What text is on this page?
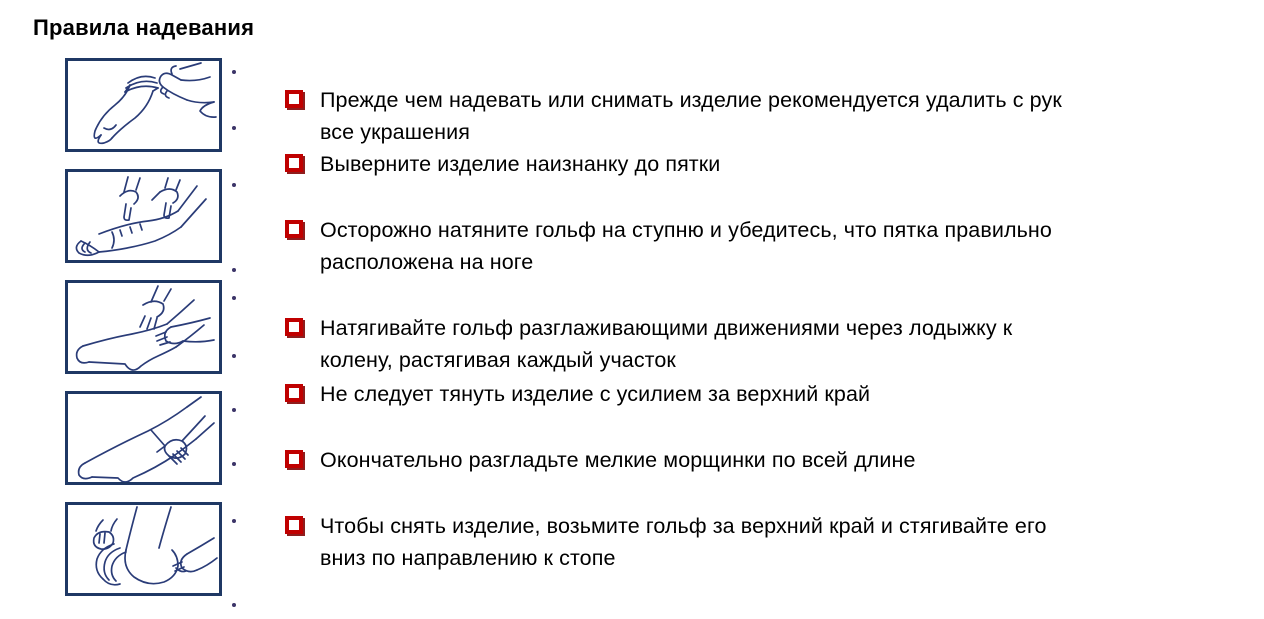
Правила надевания
Прежде чем надевать или снимать изделие рекомендуется удалить с рук
все украшения
Выверните изделие наизнанку до пятки
Осторожно натяните гольф на ступню и убедитесь, что пятка правильно
расположена на ноге
Натягивайте гольф разглаживающими движениями через лодыжку к
колену, растягивая каждый участок
Не следует тянуть изделие с усилием за верхний край
Окончательно разгладьте мелкие морщинки по всей длине
Чтобы снять изделие, возьмите гольф за верхний край и стягивайте его
вниз по направлению к стопе
